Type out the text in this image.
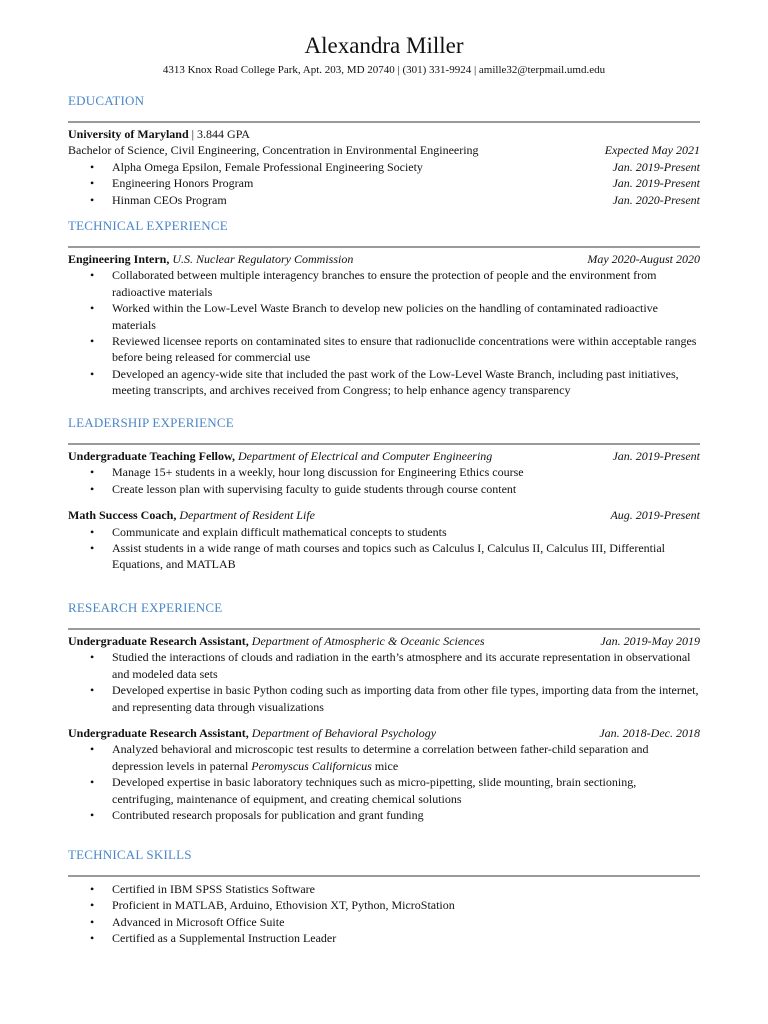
Alexandra Miller
4313 Knox Road College Park, Apt. 203, MD 20740 | (301) 331-9924 | amille32@terpmail.umd.edu
EDUCATION
University of Maryland | 3.844 GPA
Bachelor of Science, Civil Engineering, Concentration in Environmental Engineering	Expected May 2021
• Alpha Omega Epsilon, Female Professional Engineering Society	Jan. 2019-Present
• Engineering Honors Program	Jan. 2019-Present
• Hinman CEOs Program	Jan. 2020-Present
TECHNICAL EXPERIENCE
Engineering Intern, U.S. Nuclear Regulatory Commission	May 2020-August 2020
• Collaborated between multiple interagency branches to ensure the protection of people and the environment from radioactive materials
• Worked within the Low-Level Waste Branch to develop new policies on the handling of contaminated radioactive materials
• Reviewed licensee reports on contaminated sites to ensure that radionuclide concentrations were within acceptable ranges before being released for commercial use
• Developed an agency-wide site that included the past work of the Low-Level Waste Branch, including past initiatives, meeting transcripts, and archives received from Congress; to help enhance agency transparency
LEADERSHIP EXPERIENCE
Undergraduate Teaching Fellow, Department of Electrical and Computer Engineering	Jan. 2019-Present
• Manage 15+ students in a weekly, hour long discussion for Engineering Ethics course
• Create lesson plan with supervising faculty to guide students through course content
Math Success Coach, Department of Resident Life	Aug. 2019-Present
• Communicate and explain difficult mathematical concepts to students
• Assist students in a wide range of math courses and topics such as Calculus I, Calculus II, Calculus III, Differential Equations, and MATLAB
RESEARCH EXPERIENCE
Undergraduate Research Assistant, Department of Atmospheric & Oceanic Sciences	Jan. 2019-May 2019
• Studied the interactions of clouds and radiation in the earth’s atmosphere and its accurate representation in observational and modeled data sets
• Developed expertise in basic Python coding such as importing data from other file types, importing data from the internet, and representing data through visualizations
Undergraduate Research Assistant, Department of Behavioral Psychology	Jan. 2018-Dec. 2018
• Analyzed behavioral and microscopic test results to determine a correlation between father-child separation and depression levels in paternal Peromyscus Californicus mice
• Developed expertise in basic laboratory techniques such as micro-pipetting, slide mounting, brain sectioning, centrifuging, maintenance of equipment, and creating chemical solutions
• Contributed research proposals for publication and grant funding
TECHNICAL SKILLS
• Certified in IBM SPSS Statistics Software
• Proficient in MATLAB, Arduino, Ethovision XT, Python, MicroStation
• Advanced in Microsoft Office Suite
• Certified as a Supplemental Instruction Leader
